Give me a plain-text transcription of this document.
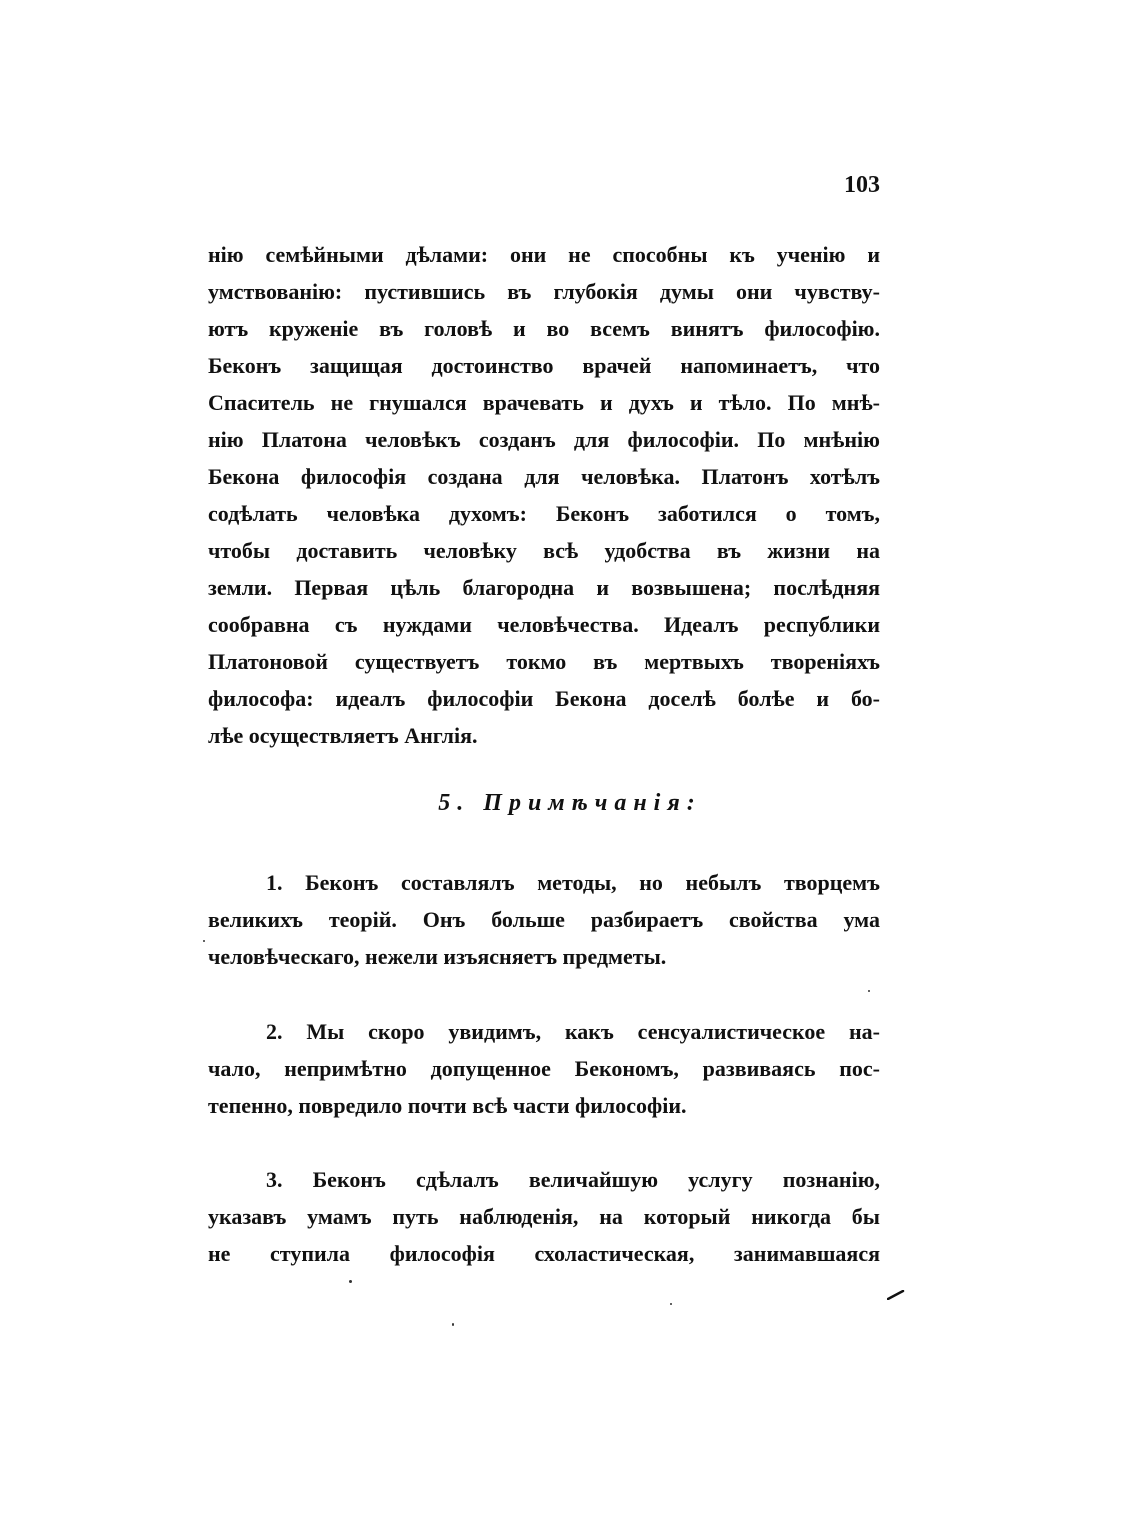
103
нію семѣйными дѣлами: они не способны къ ученію и
умствованію: пустившись въ глубокія думы они чувству-
ютъ круженіе въ головѣ и во всемъ винятъ философію.
Беконъ защищая достоинство врачей напоминаетъ, что
Спаситель не гнушался врачевать и духъ и тѣло. По мнѣ-
нію Платона человѣкъ созданъ для философіи. По мнѣнію
Бекона философія создана для человѣка. Платонъ хотѣлъ
содѣлать человѣка духомъ: Беконъ заботился о томъ,
чтобы доставить человѣку всѣ удобства въ жизни на
земли. Первая цѣль благородна и возвышена; послѣдняя
сообравна съ нуждами человѣчества. Идеалъ республики
Платоновой существуетъ токмо въ мертвыхъ твореніяхъ
философа: идеалъ философіи Бекона доселѣ болѣе и бо-
лѣе осуществляетъ Англія.
5. Примѣчанія:
1. Беконъ составлялъ методы, но небылъ творцемъ
великихъ теорій. Онъ больше разбираетъ свойства ума
человѣческаго, нежели изъясняетъ предметы.
2. Мы скоро увидимъ, какъ сенсуалистическое на-
чало, непримѣтно допущенное Бекономъ, развиваясь пос-
тепенно, повредило почти всѣ части философіи.
3. Беконъ сдѣлалъ величайшую услугу познанію,
указавъ умамъ путь наблюденія, на который никогда бы
не ступила философія схоластическая, занимавшаяся
